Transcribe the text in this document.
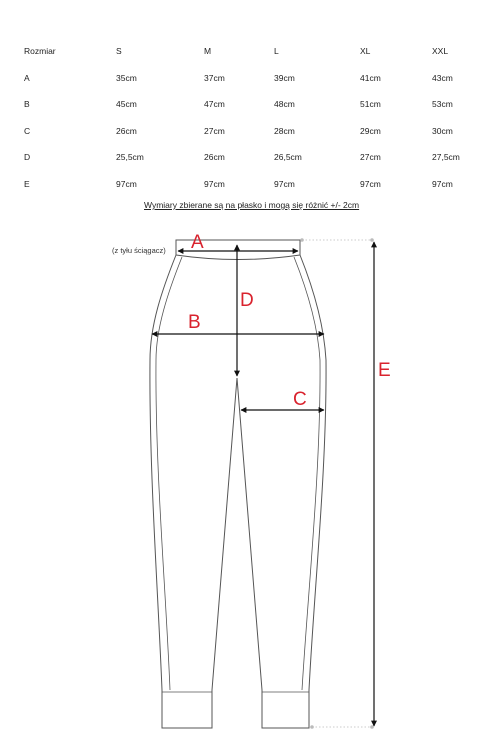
Rozmiar	S	M	L	XL	XXL
A	35cm	37cm	39cm	41cm	43cm
B	45cm	47cm	48cm	51cm	53cm
C	26cm	27cm	28cm	29cm	30cm
D	25,5cm	26cm	26,5cm	27cm	27,5cm
E	97cm	97cm	97cm	97cm	97cm
Wymiary zbierane są na płasko i mogą się różnić +/- 2cm
(z tyłu ściągacz) A
D
B
C
E
